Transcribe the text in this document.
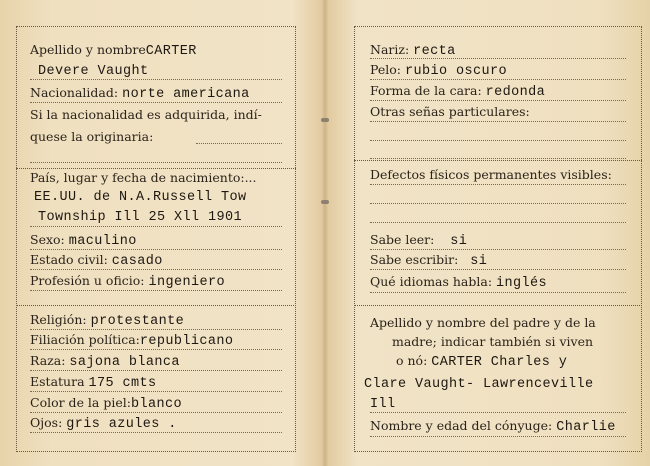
Apellido y nombreCARTER
Devere Vaught
Nacionalidad: norte americana
Si la nacionalidad es adquirida, indí-
quese la originaria:
País, lugar y fecha de nacimiento:...
EE.UU. de N.A.Russell Tow
Township Ill 25 Xll 1901
Sexo: maculino
Estado civil: casado
Profesión u oficio: ingeniero
Religión: protestante
Filiación política:republicano
Raza: sajona blanca
Estatura 175 cmts
Color de la piel:blanco
Ojos: gris azules .
Nariz: recta
Pelo: rubio oscuro
Forma de la cara: redonda
Otras señas particulares:
Defectos físicos permanentes visibles:
Sabe leer: si
Sabe escribir: si
Qué idiomas habla: inglés
Apellido y nombre del padre y de la
madre; indicar también si viven
o nó: CARTER Charles y
Clare Vaught- Lawrenceville
Ill
Nombre y edad del cónyuge: Charlie
